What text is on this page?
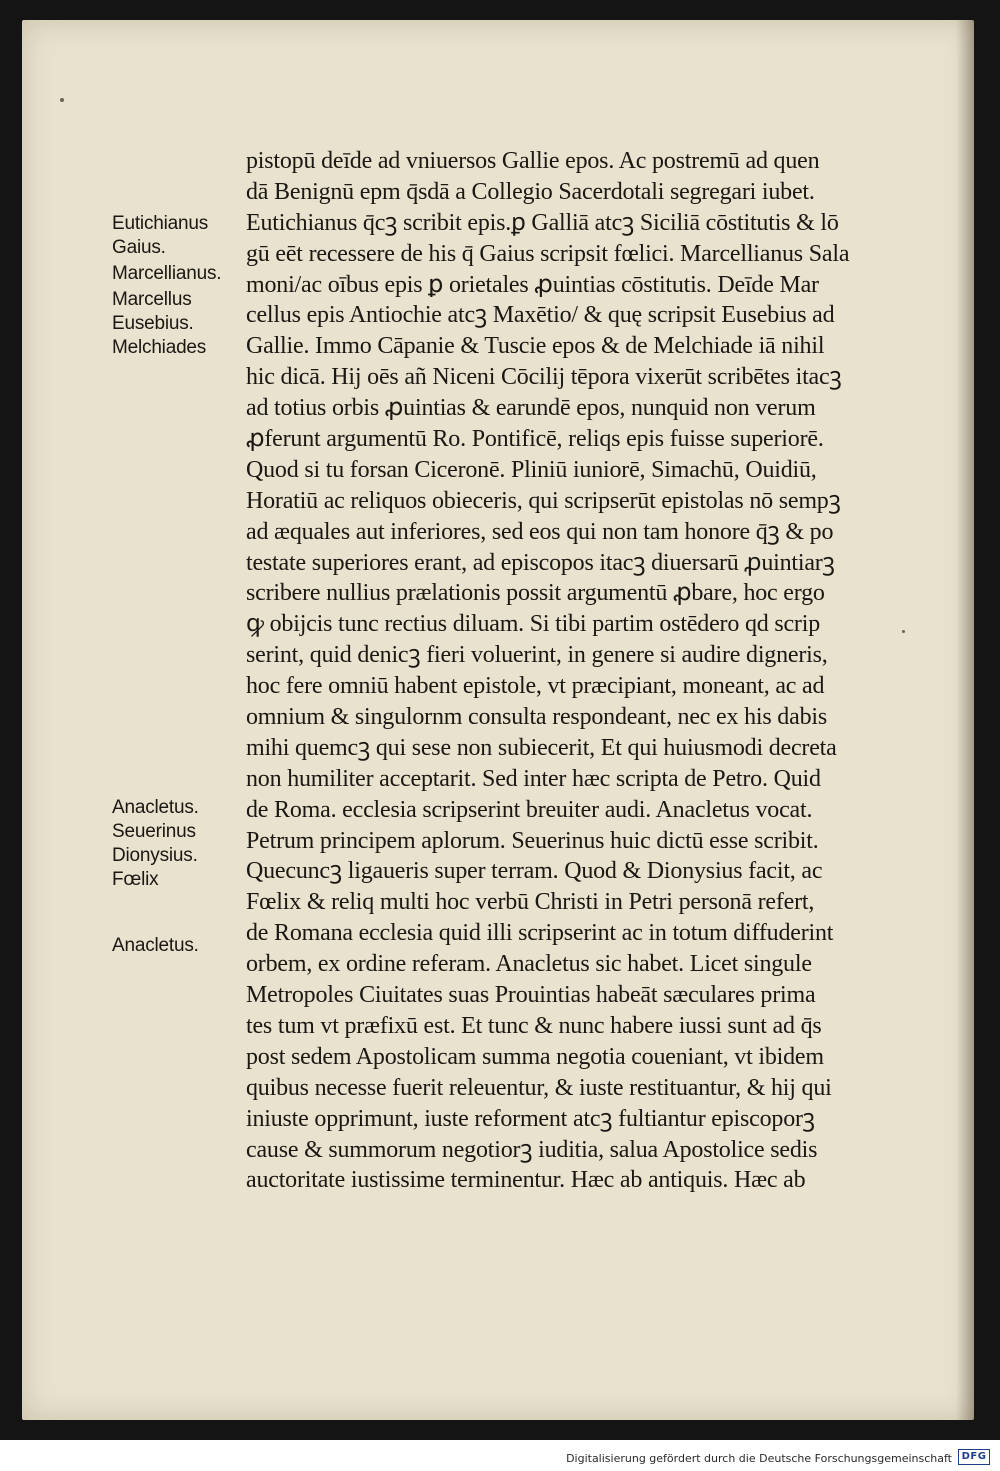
Eutichianus
Gaius.
Marcellianus.
Marcellus
Eusebius.
Melchiades
Anacletus.
Seuerinus
Dionysius.
Fœlix
Anacletus.
pistopū deīde ad vniuersos Gallie epos. Ac postremū ad quen
dā Benignū epm q̄sdā a Collegio Sacerdotali segregari iubet.
Eutichianus q̄cꝫ scribit epis.ꝑ Galliā atcꝫ Siciliā cōstitutis & lō
gū eēt recessere de his q̄ Gaius scripsit fœlici. Marcellianus Sala
moni/ac oībus epis ꝑ orietales ꝓuintias cōstitutis. Deīde Mar
cellus epis Antiochie atcꝫ Maxētio/ & quę scripsit Eusebius ad
Gallie. Immo Cāpanie & Tuscie epos & de Melchiade iā nihil
hic dicā. Hij oēs añ Niceni Cōcilij tēpora vixerūt scribētes itacꝫ
ad totius orbis ꝓuintias & earundē epos, nunquid non verum
ꝓferunt argumentū Ro. Pontificē, reliqs epis fuisse superiorē.
Quod si tu forsan Ciceronē. Pliniū iuniorē, Simachū, Ouidiū,
Horatiū ac reliquos obieceris, qui scripserūt epistolas nō sempꝫ
ad æquales aut inferiores, sed eos qui non tam honore q̄ꝫ & po
testate superiores erant, ad episcopos itacꝫ diuersarū ꝓuintiarꝫ
scribere nullius prælationis possit argumentū ꝓbare, hoc ergo
ꝙ obijcis tunc rectius diluam. Si tibi partim ostēdero qd scrip
serint, quid denicꝫ fieri voluerint, in genere si audire digneris,
hoc fere omniū habent epistole, vt præcipiant, moneant, ac ad
omnium & singulornm consulta respondeant, nec ex his dabis
mihi quemcꝫ qui sese non subiecerit, Et qui huiusmodi decreta
non humiliter acceptarit. Sed inter hæc scripta de Petro. Quid
de Roma. ecclesia scripserint breuiter audi. Anacletus vocat.
Petrum principem aplorum. Seuerinus huic dictū esse scribit.
Quecuncꝫ ligaueris super terram. Quod & Dionysius facit, ac
Fœlix & reliq multi hoc verbū Christi in Petri personā refert,
de Romana ecclesia quid illi scripserint ac in totum diffuderint
orbem, ex ordine referam. Anacletus sic habet. Licet singule
Metropoles Ciuitates suas Prouintias habeāt sæculares prima
tes tum vt præfixū est. Et tunc & nunc habere iussi sunt ad q̄s
post sedem Apostolicam summa negotia coueniant, vt ibidem
quibus necesse fuerit releuentur, & iuste restituantur, & hij qui
iniuste opprimunt, iuste reforment atcꝫ fultiantur episcoporꝫ
cause & summorum negotiorꝫ iuditia, salua Apostolice sedis
auctoritate iustissime terminentur. Hæc ab antiquis. Hæc ab
Digitalisierung gefördert durch die Deutsche Forschungsgemeinschaft DFG
